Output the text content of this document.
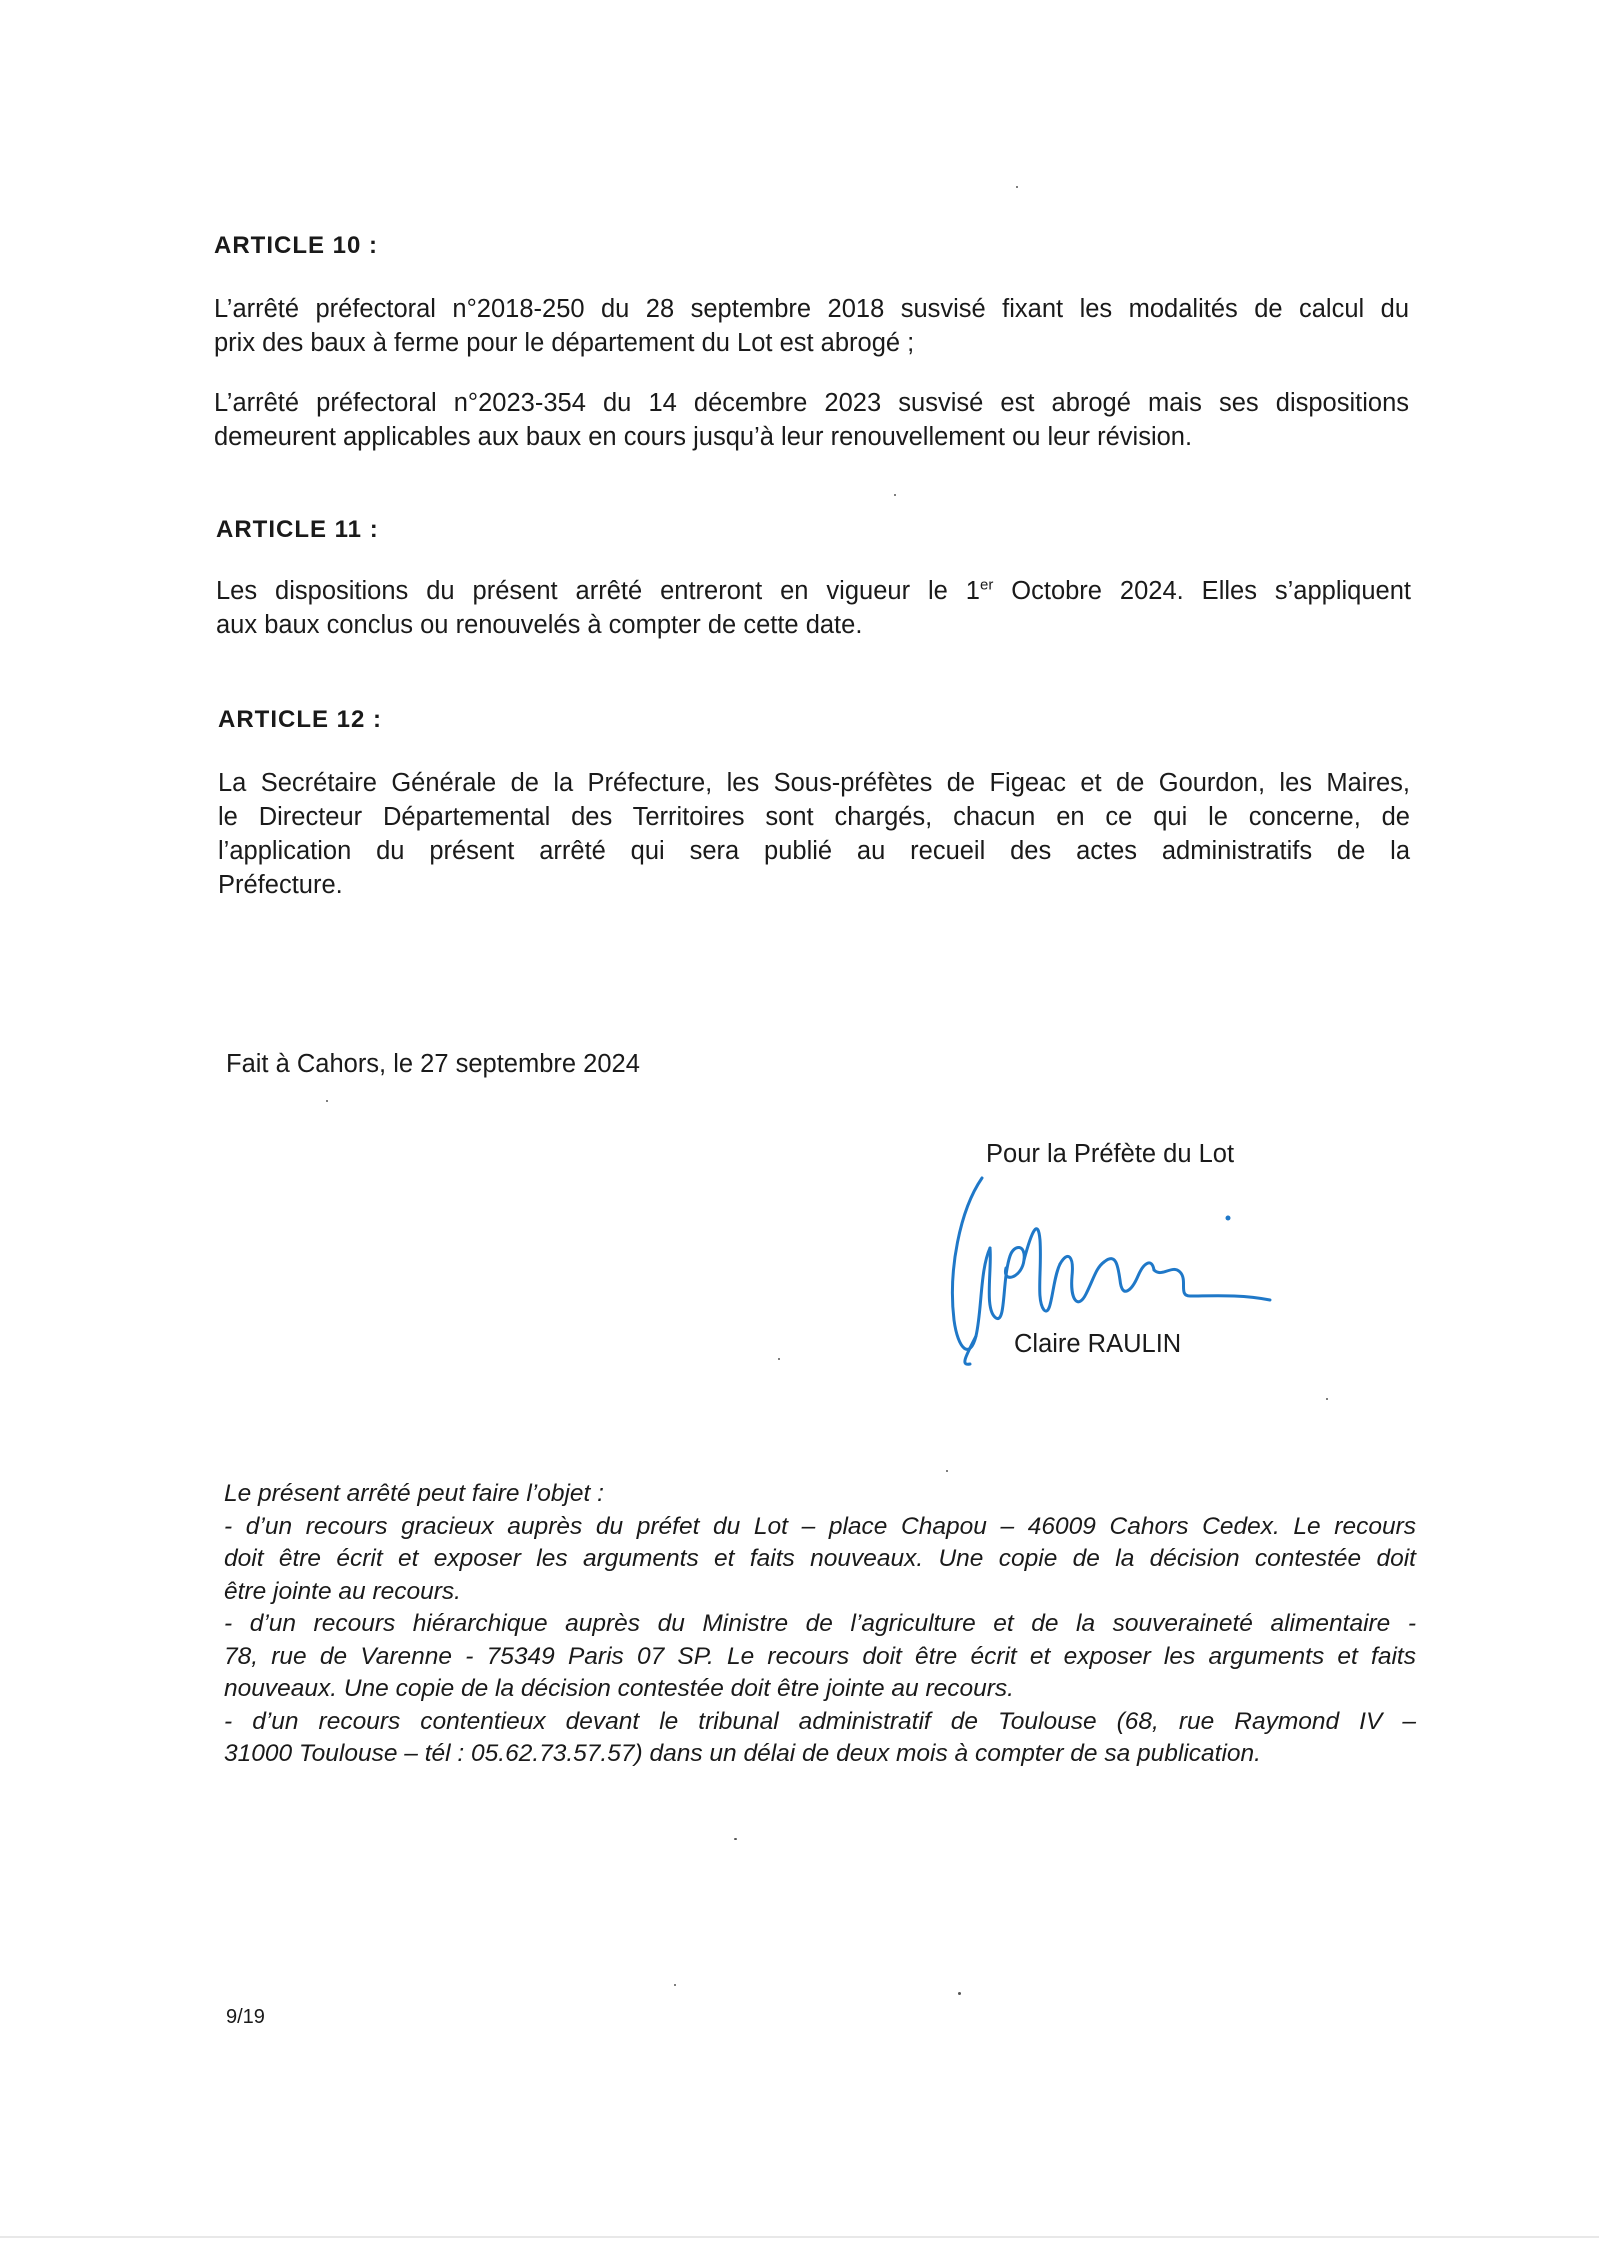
ARTICLE 10 :

L’arrêté préfectoral n°2018-250 du 28 septembre 2018 susvisé fixant les modalités de calcul du
prix des baux à ferme pour le département du Lot est abrogé ;

L’arrêté préfectoral n°2023-354 du 14 décembre 2023 susvisé est abrogé mais ses dispositions
demeurent applicables aux baux en cours jusqu’à leur renouvellement ou leur révision.

ARTICLE 11 :

Les dispositions du présent arrêté entreront en vigueur le 1er Octobre 2024. Elles s’appliquent
aux baux conclus ou renouvelés à compter de cette date.

ARTICLE 12 :

La Secrétaire Générale de la Préfecture, les Sous-préfètes de Figeac et de Gourdon, les Maires,
le Directeur Départemental des Territoires sont chargés, chacun en ce qui le concerne, de
l’application du présent arrêté qui sera publié au recueil des actes administratifs de la
Préfecture.

Fait à Cahors, le 27 septembre 2024

Pour la Préfète du Lot

Claire RAULIN

Le présent arrêté peut faire l’objet :
- d’un recours gracieux auprès du préfet du Lot – place Chapou – 46009 Cahors Cedex. Le recours
doit être écrit et exposer les arguments et faits nouveaux. Une copie de la décision contestée doit
être jointe au recours.
- d’un recours hiérarchique auprès du Ministre de l’agriculture et de la souveraineté alimentaire -
78, rue de Varenne - 75349 Paris 07 SP. Le recours doit être écrit et exposer les arguments et faits
nouveaux. Une copie de la décision contestée doit être jointe au recours.
- d’un recours contentieux devant le tribunal administratif de Toulouse (68, rue Raymond IV –
31000 Toulouse – tél : 05.62.73.57.57) dans un délai de deux mois à compter de sa publication.

9/19
